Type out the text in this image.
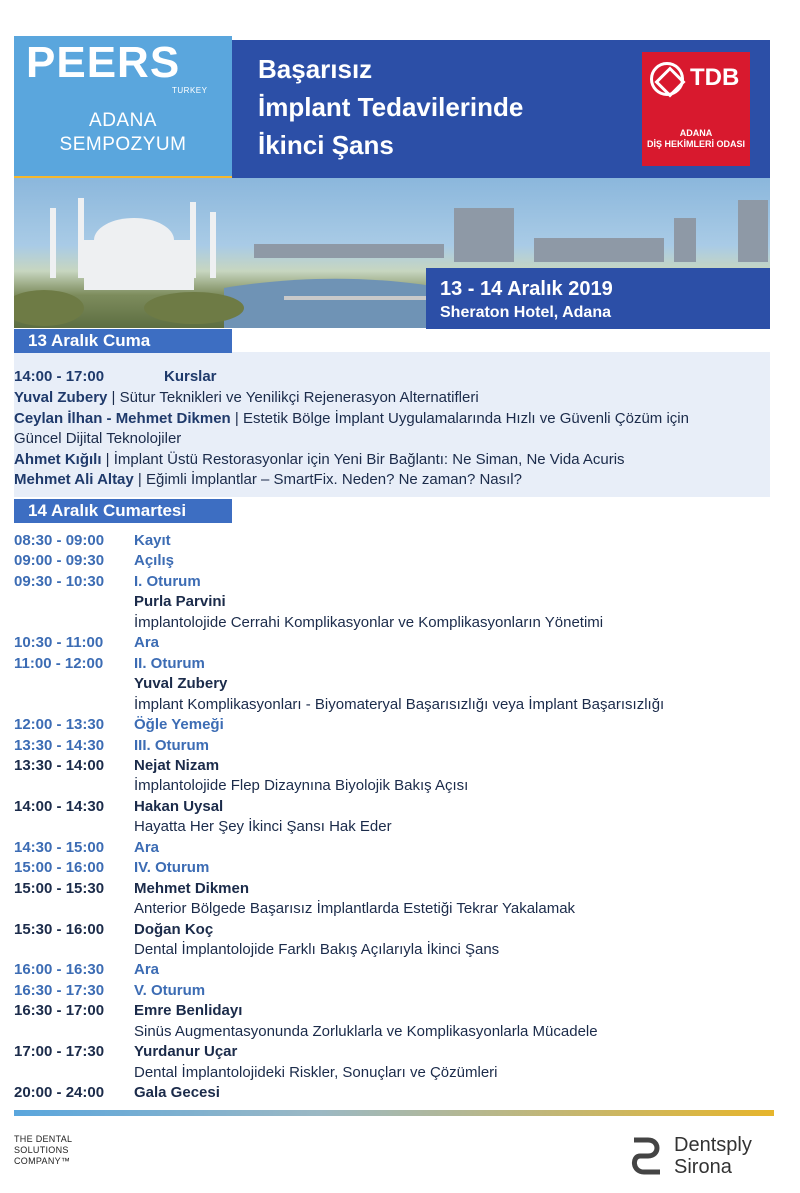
PEERS
TURKEY
ADANA
SEMPOZYUM
Başarısız
İmplant Tedavilerinde
İkinci Şans
TDB
ADANA
DİŞ HEKİMLERİ ODASI
13 - 14 Aralık 2019
Sheraton Hotel, Adana
13 Aralık Cuma
14:00 - 17:00	Kurslar
Yuval Zubery | Sütur Teknikleri ve Yenilikçi Rejenerasyon Alternatifleri
Ceylan İlhan - Mehmet Dikmen | Estetik Bölge İmplant Uygulamalarında Hızlı ve Güvenli Çözüm için
Güncel Dijital Teknolojiler
Ahmet Kığılı | İmplant Üstü Restorasyonlar için Yeni Bir Bağlantı: Ne Siman, Ne Vida Acuris
Mehmet Ali Altay | Eğimli İmplantlar – SmartFix. Neden? Ne zaman? Nasıl?
14 Aralık Cumartesi
08:30 - 09:00 Kayıt
09:00 - 09:30 Açılış
09:30 - 10:30 I. Oturum
Purla Parvini
İmplantolojide Cerrahi Komplikasyonlar ve Komplikasyonların Yönetimi
10:30 - 11:00 Ara
11:00 - 12:00 II. Oturum
Yuval Zubery
İmplant Komplikasyonları - Biyomateryal Başarısızlığı veya İmplant Başarısızlığı
12:00 - 13:30 Öğle Yemeği
13:30 - 14:30 III. Oturum
13:30 - 14:00 Nejat Nizam
İmplantolojide Flep Dizaynına Biyolojik Bakış Açısı
14:00 - 14:30 Hakan Uysal
Hayatta Her Şey İkinci Şansı Hak Eder
14:30 - 15:00 Ara
15:00 - 16:00 IV. Oturum
15:00 - 15:30 Mehmet Dikmen
Anterior Bölgede Başarısız İmplantlarda Estetiği Tekrar Yakalamak
15:30 - 16:00 Doğan Koç
Dental İmplantolojide Farklı Bakış Açılarıyla İkinci Şans
16:00 - 16:30 Ara
16:30 - 17:30 V. Oturum
16:30 - 17:00 Emre Benlidayı
Sinüs Augmentasyonunda Zorluklarla ve Komplikasyonlarla Mücadele
17:00 - 17:30 Yurdanur Uçar
Dental İmplantolojideki Riskler, Sonuçları ve Çözümleri
20:00 - 24:00 Gala Gecesi
THE DENTAL
SOLUTIONS
COMPANY™
Dentsply
Sirona
